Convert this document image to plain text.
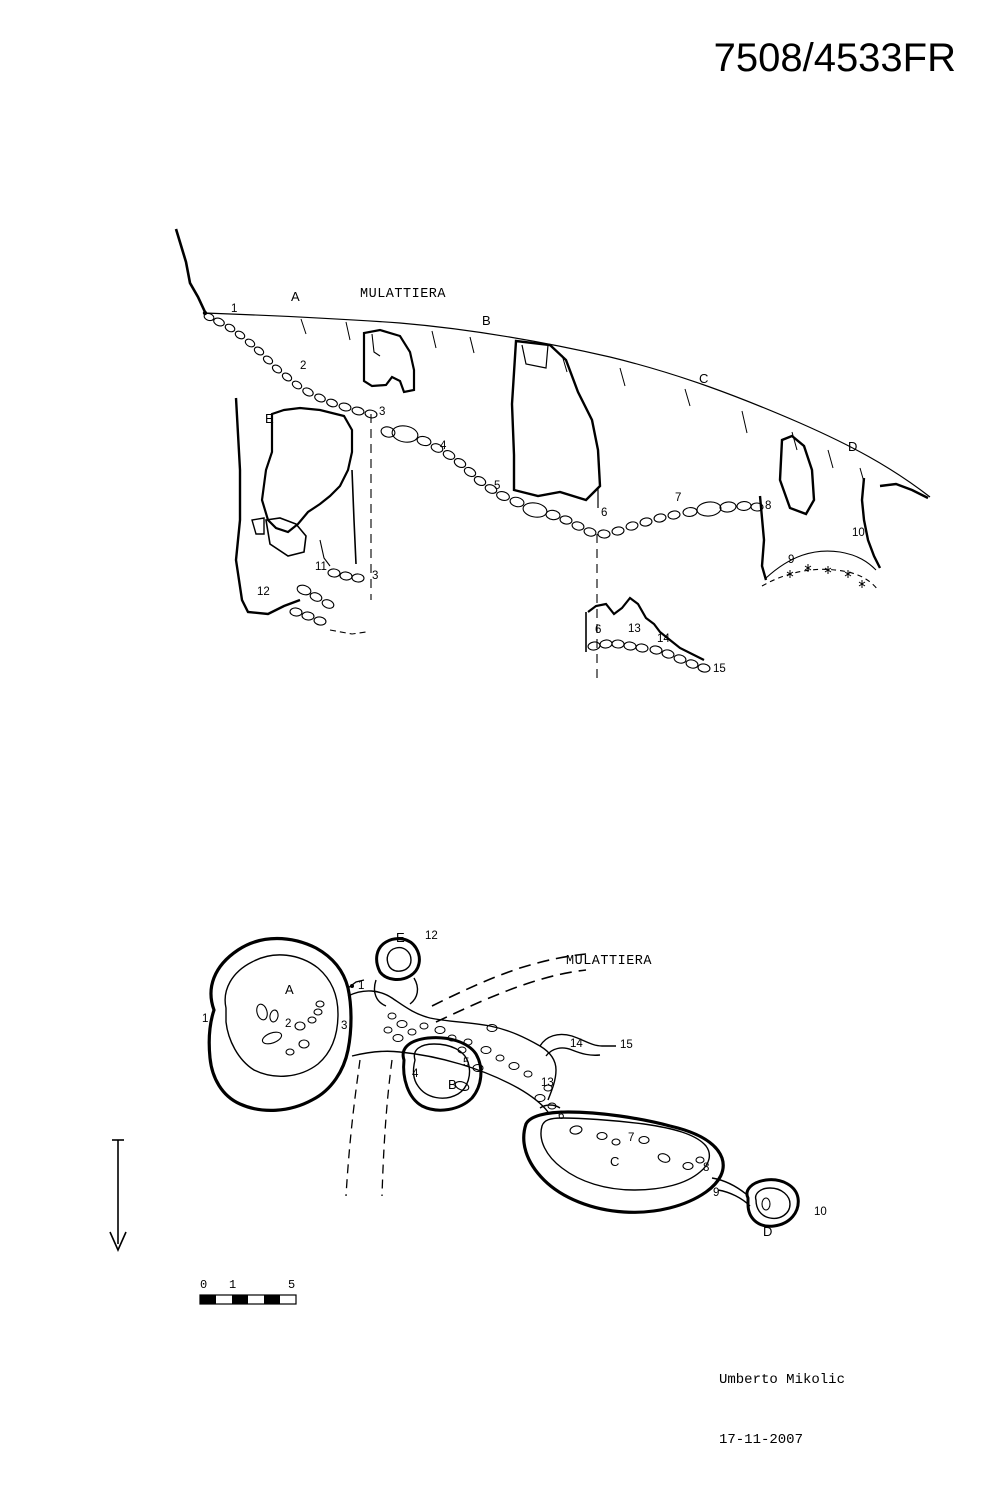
7508/4533FR
1
A	MULATTIERA
B
2
C
E	3
4	D
5
7
8
6
10
9
11
3
12
13
6
14
15
E 12
MULATTIERA
1
A
2
1
3
14	15
5
4
B	13
6
7
C	8
9
10
D
0 1	5

Umberto Mikolic

17-11-2007
